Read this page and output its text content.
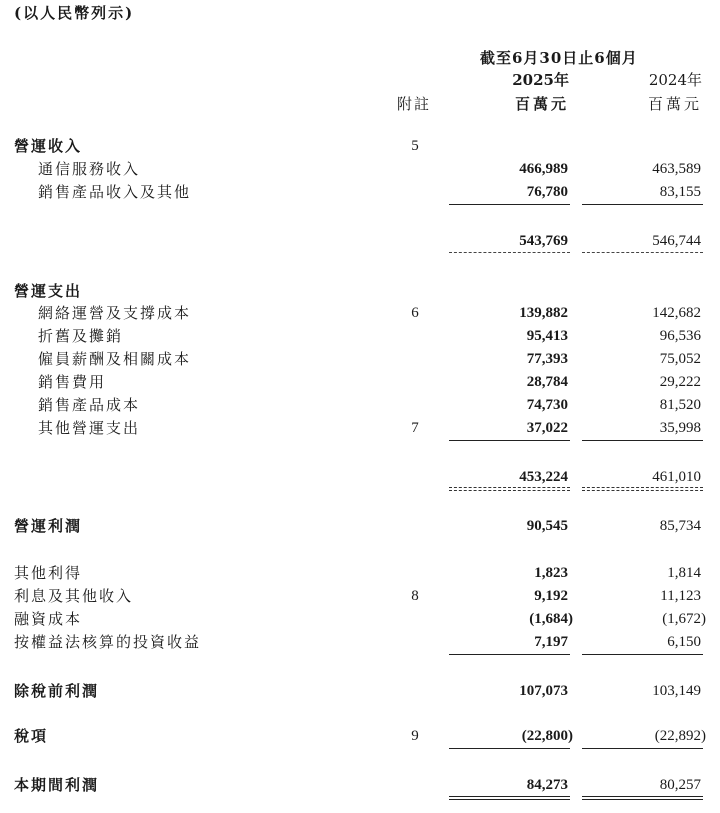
(以人民幣列示)
截至6月30日止6個月
2025年	2024年
附註	百萬元	百萬元
營運收入	5
通信服務收入	466,989	463,589
銷售產品收入及其他	76,780	83,155
543,769	546,744
營運支出
網絡運營及支撐成本	6	139,882	142,682
折舊及攤銷	95,413	96,536
僱員薪酬及相關成本	77,393	75,052
銷售費用	28,784	29,222
銷售產品成本	74,730	81,520
其他營運支出	7	37,022	35,998
453,224	461,010
營運利潤	90,545	85,734
其他利得	1,823	1,814
利息及其他收入	8	9,192	11,123
融資成本	(1,684)	(1,672)
按權益法核算的投資收益	7,197	6,150
除稅前利潤	107,073	103,149
稅項	9	(22,800)	(22,892)
本期間利潤	84,273	80,257
